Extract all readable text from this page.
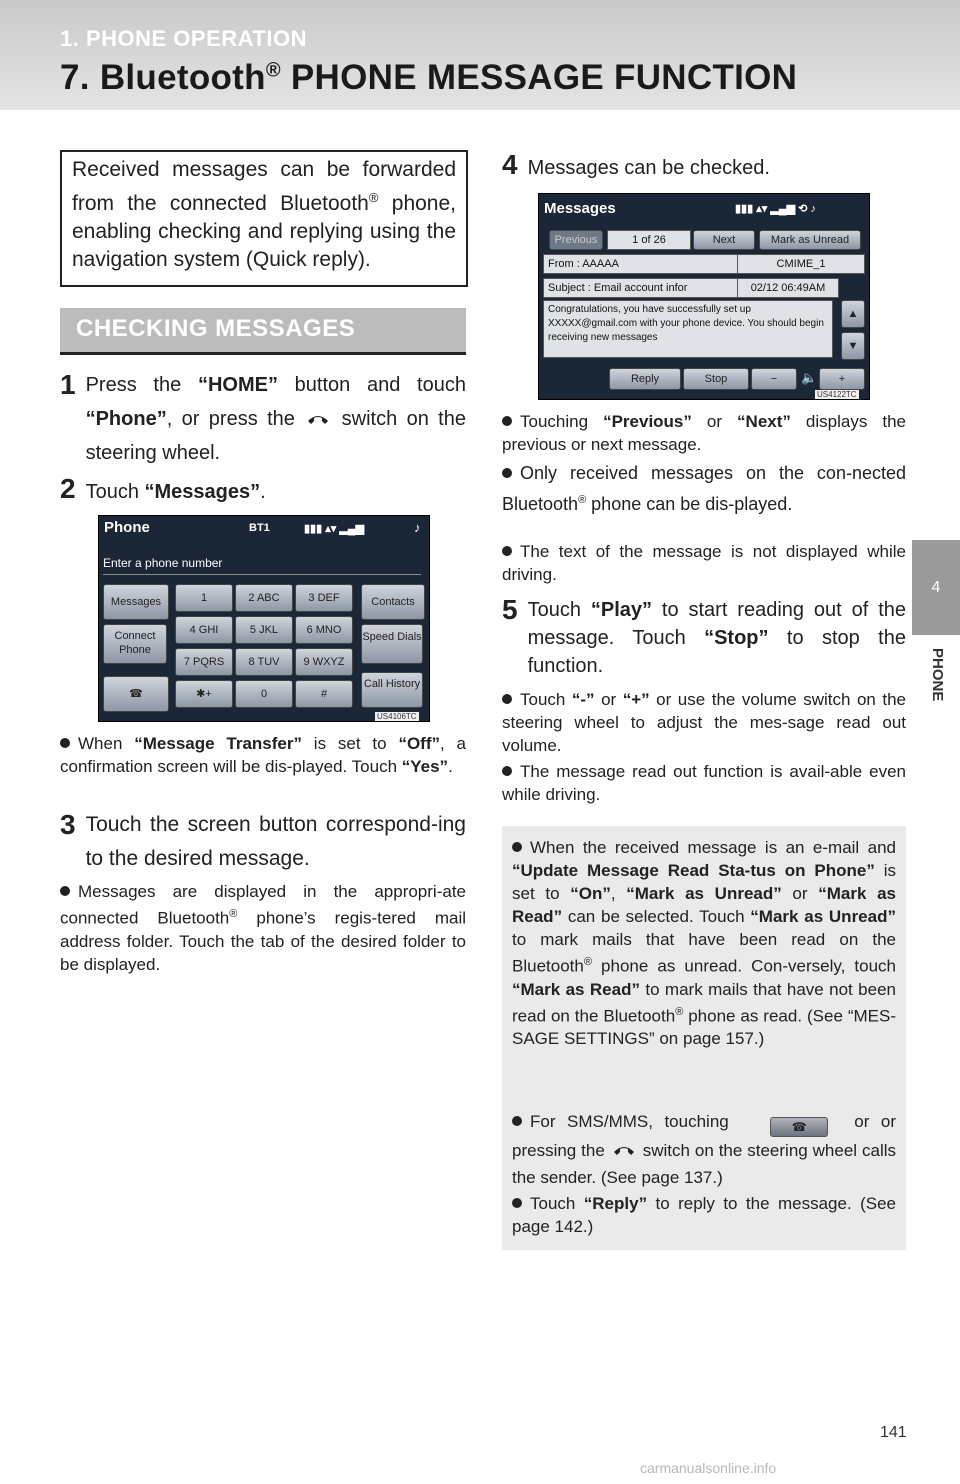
1. PHONE OPERATION
7. Bluetooth® PHONE MESSAGE FUNCTION
4
PHONE
Received messages can be forwarded from the connected Bluetooth® phone, enabling checking and replying using the navigation system (Quick reply).
CHECKING MESSAGES
1 Press the “HOME” button and touch “Phone”, or press the  switch on the steering wheel.
2 Touch “Messages”.
Phone	BT1	▮▮▮ ▴▾ ▂▄▆	♪
Enter a phone number
Messages
Connect Phone
☎
1	2 ABC	3 DEF
4 GHI	5 JKL	6 MNO
7 PQRS	8 TUV	9 WXYZ
✱+	0	#
Contacts
Speed Dials
Call History
US4106TC
When “Message Transfer” is set to “Off”, a confirmation screen will be dis-played. Touch “Yes”.
3 Touch the screen button correspond-ing to the desired message.
Messages are displayed in the appropri-ate connected Bluetooth® phone’s regis-tered mail address folder. Touch the tab of the desired folder to be displayed.
4 Messages can be checked.
Messages	▮▮▮ ▴▾ ▂▄▆ ⟲ ♪
Previous	1 of 26	Next	Mark as Unread
From : AAAAA	CMIME_1
Subject : Email account infor	02/12 06:49AM
Congratulations, you have successfully set up XXXXX@gmail.com with your phone device. You should begin receiving new messages
▲
▼
Reply	Stop	−	🔈	+
US4122TC
Touching “Previous” or “Next” displays the previous or next message.
Only received messages on the con-nected Bluetooth® phone can be dis-played.
The text of the message is not displayed while driving.
5 Touch “Play” to start reading out of the message. Touch “Stop” to stop the function.
Touch “-” or “+” or use the volume switch on the steering wheel to adjust the mes-sage read out volume.
The message read out function is avail-able even while driving.
When the received message is an e-mail and “Update Message Read Sta-tus on Phone” is set to “On”, “Mark as Unread” or “Mark as Read” can be selected. Touch “Mark as Unread” to mark mails that have been read on the Bluetooth® phone as unread. Con-versely, touch “Mark as Read” to mark mails that have not been read on the Bluetooth® phone as read. (See “MES-SAGE SETTINGS” on page 157.)
For SMS/MMS, touching	☎	or or pressing the switch on the steering wheel calls the sender. (See page 137.)
Touch “Reply” to reply to the message. (See page 142.)
141
carmanualsonline.info
